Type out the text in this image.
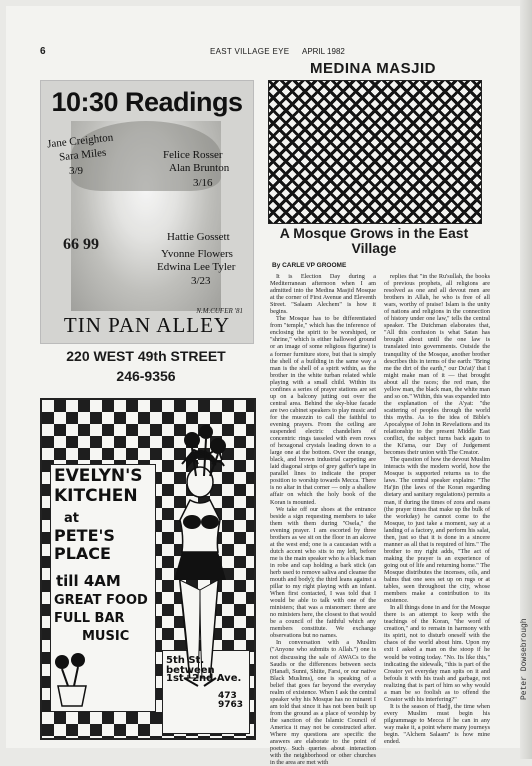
6	EAST VILLAGE EYE APRIL 1982
10:30 Readings
Jane Creighton
Sara Miles
3/9
Felice Rosser
Alan Brunton
3/16
Hattie Gossett
Yvonne Flowers
Edwina Lee Tyler
3/23
66 99
N.M.CUFER '81
TIN PAN ALLEY
220 WEST 49th STREET
246-9356
EVELYN'S
KITCHEN
at
PETE'S
PLACE
till 4AM
GREAT FOOD
FULL BAR
MUSIC
5th St. between
1st+2nd Ave.
473 9763
MEDINA MASJID
A Mosque Grows in the East Village
By CARLE VP GROOME

It is Election Day during a Mediterranean afternoon when I am admitted into the Medina Masjid Mosque at the corner of First Avenue and Eleventh Street. "Salaam Alechem" is how it begins.

The Mosque has to be differentiated from "temple," which has the inference of enclosing the spirit to be worshiped, or "shrine," which is either hallowed ground or an image of some religious figurine) is a former furniture store, but that is simply the shell of a building in the same way a man is the shell of a spirit within, as the brother in the white turban related while playing with a small child. Within its confines a series of prayer stations are set up on a balcony jutting out over the central area. Behind the sky-blue facade are two cabinet speakers to play music and for the muezzin to call the faithful to evening prayers. From the ceiling are suspended electric chandeliers of concentric rings tasseled with even rows of hexagonal crystals leading down to a large one at the bottom. Over the orange, black, and brown industrial carpeting are laid diagonal strips of grey gaffer's tape in parallel lines to indicate the proper position to worship towards Mecca. There is no altar in that corner — only a shallow affair on which the holy book of the Koran is mounted.

We take off our shoes at the entrance beside a sign requesting members to take them with them during "Osela," the evening prayer. I am escorted by three brothers as we sit on the floor in an alcove at the west end; one is a caucasian with a dutch accent who sits to my left, before me is the main speaker who is a black man in robe and cap holding a bark stick (an herb used to remove saliva and cleanse the mouth and body); the third leans against a pillar to my right playing with an infant. When first contacted, I was told that I would be able to talk with one of the ministers; that was a misnomer: there are no ministers here, the closest to that would be a council of the faithful which any members constitute. We exchange observations but no names.

In conversation with a Muslim ("Anyone who submits to Allah.") one is not discussing the sale of AWACs to the Saudis or the differences between sects (Hanafi, Sunni, Shiite, Farsi, or our native Black Muslims), one is speaking of a belief that goes far beyond the everyday realm of existence. When I ask the central speaker why his Mosque has no minaret I am told that since it has not been built up from the ground as a place of worship by the sanction of the Islamic Council of America it may not be constructed after. Where my questions are specific the answers are elaborate to the point of poetry. Such queries about interaction with the neighborhood or other churches in the area are met with

replies that "in the Ru'sullah, the books of previous prophets, all religions are resolved as one and all devout men are brothers in Allah, he who is free of all wars, worthy of praise! Islam is the unity of nations and religions in the connection of history under one law," tells the central speaker. The Dutchman elaborates that, "All this confusion is what Satan has brought about until the one law is translated into governments. Outside the tranquility of the Mosque, another brother describes this in terms of the earth: "Bring me the dirt of the earth," our Du'at)' that I might make man of it — that brought about all the races; the red man, the yellow man, the black man, the white man and so on." Within, this was expanded into the explanation of the A'yat: "the scattering of peoples through the world this myths. As to the idea of Bible's Apocalypse of John in Revelations and its relationship to the present Middle East conflict, the subject turns back again to the Ki'ama, our Day of Judgement becomes their union with The Creator.

The question of how the devout Muslim interacts with the modern world, how the Mosque is supported returns us to the laws. The central speaker explains: "The Ha'jin (the laws of the Koran regarding dietary and sanitary regulations) permits a man, if during the times of zora and osara (the prayer times that make up the bulk of the workday) he cannot come to the Mosque, to just take a moment, say at a landing of a factory, and perform his salat, then, just so that it is done in a sincere manner as all that is required of him." The brother to my right adds, "The act of making the prayer is an experience of going out of life and returning home." The Mosque distributes the incenses, oils, and balms that one sees set up on rugs or at tables, seen throughout the city, whose members make a contribution to its existence.

In all things done in and for the Mosque there is an attempt to keep with the teachings of the Koran, "the word of creation," and to remain in harmony with its spirit, not to disturb oneself with the chaos of the world about him. Upon my exit I asked a man on the stoop if he would be voting today. "No. Its like this," indicating the sidewalk, "this is part of the Creator yet everyday man spits on it and befouls it with his trash and garbage, not realizing that is part of him so why would a man be so foolish as to offend the Creator with his interfering?"

It is the season of Hadjj, the time when every Muslim must begin his pilgrammage to Mecca if he can in any way make it, a point where many journeys begin. "Alchem Salaam" is how mine ended.

Peter Dowsebrough
